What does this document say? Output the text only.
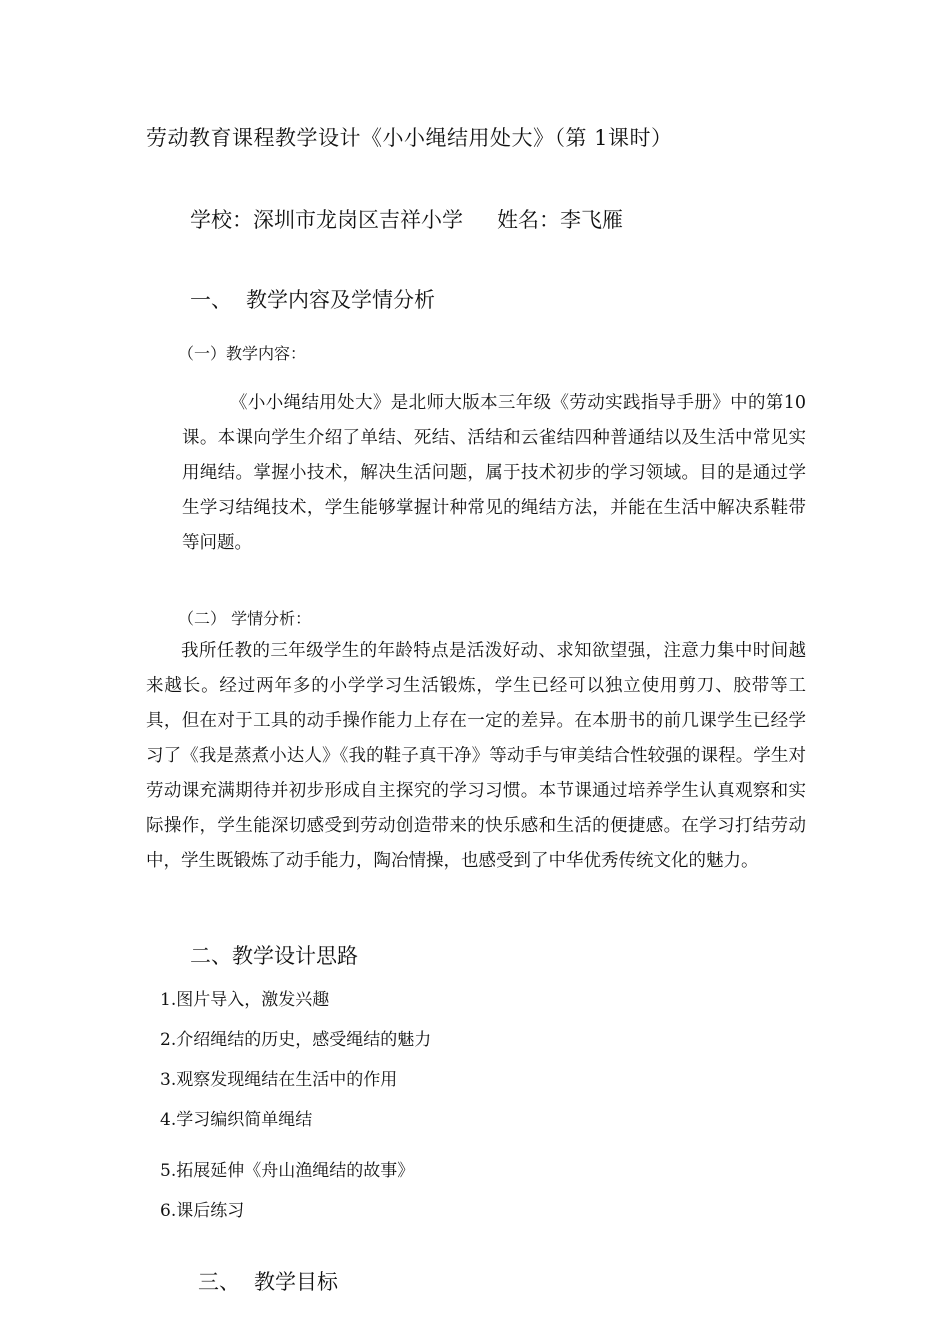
劳动教育课程教学设计《小小绳结用处大》（第 1课时）
学校：深圳市龙岗区吉祥小学 姓名：李飞雁
一、 教学内容及学情分析
（一）教学内容：
《小小绳结用处大》是北师大版本三年级《劳动实践指导手册》中的第10课。本课向学生介绍了单结、死结、活结和云雀结四种普通结以及生活中常见实用绳结。掌握小技术，解决生活问题，属于技术初步的学习领域。目的是通过学生学习结绳技术，学生能够掌握计种常见的绳结方法，并能在生活中解决系鞋带等问题。
（二） 学情分析：
我所任教的三年级学生的年龄特点是活泼好动、求知欲望强，注意力集中时间越来越长。经过两年多的小学学习生活锻炼，学生已经可以独立使用剪刀、胶带等工具，但在对于工具的动手操作能力上存在一定的差异。在本册书的前几课学生已经学习了《我是蒸煮小达人》《我的鞋子真干净》等动手与审美结合性较强的课程。学生对劳动课充满期待并初步形成自主探究的学习习惯。本节课通过培养学生认真观察和实际操作，学生能深切感受到劳动创造带来的快乐感和生活的便捷感。在学习打结劳动中，学生既锻炼了动手能力，陶冶情操，也感受到了中华优秀传统文化的魅力。
二、教学设计思路
1.图片导入，激发兴趣
2.介绍绳结的历史，感受绳结的魅力
3.观察发现绳结在生活中的作用
4.学习编织简单绳结
5.拓展延伸《舟山渔绳结的故事》
6.课后练习
三、 教学目标
